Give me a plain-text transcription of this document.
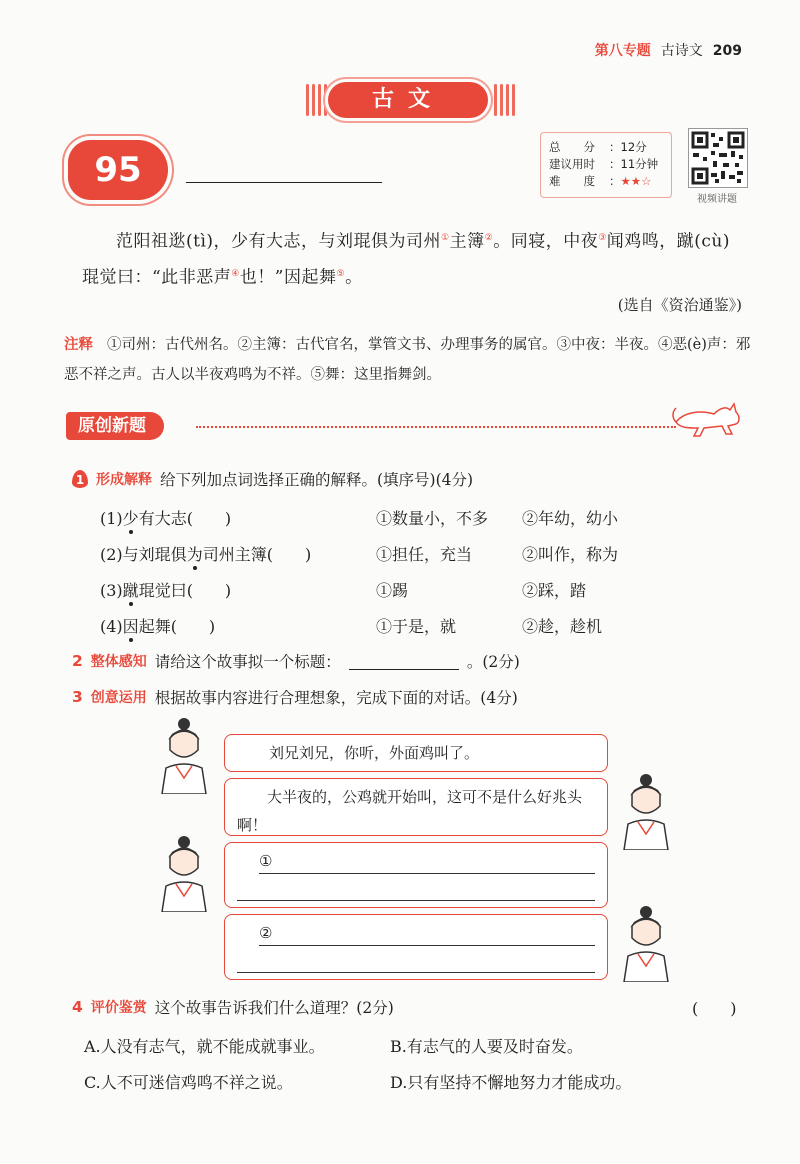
第八专题 古诗文 209
古文
95
总　　分 ：12分
建议用时 ：11分钟
难　　度 ：★★☆
视频讲题
范阳祖逖(tì)，少有大志，与刘琨俱为司州①主簿②。同寝，中夜③闻鸡鸣，蹴(cù)琨觉曰：“此非恶声④也！”因起舞⑤。
(选自《资治通鉴》)
注释 ①司州：古代州名。②主簿：古代官名，掌管文书、办理事务的属官。③中夜：半夜。④恶(è)声：邪恶不祥之声。古人以半夜鸡鸣为不祥。⑤舞：这里指舞剑。
原创新题
1 形成解释 给下列加点词选择正确的解释。(填序号)(4分)
(1)少有大志(　　)	①数量小，不多 ②年幼，幼小
(2)与刘琨俱为司州主簿(　　)	①担任，充当	②叫作，称为
(3)蹴琨觉曰(　　)	①踢	②踩，踏
(4)因起舞(　　)	①于是，就	②趁，趁机
2 整体感知 请给这个故事拟一个标题：	。(2分)
3 创意运用 根据故事内容进行合理想象，完成下面的对话。(4分)
刘兄刘兄，你听，外面鸡叫了。
大半夜的，公鸡就开始叫，这可不是什么好兆头啊！
①
②
4 评价鉴赏 这个故事告诉我们什么道理？(2分)	(　　)
A.人没有志气，就不能成就事业。	B.有志气的人要及时奋发。
C.人不可迷信鸡鸣不祥之说。	D.只有坚持不懈地努力才能成功。
